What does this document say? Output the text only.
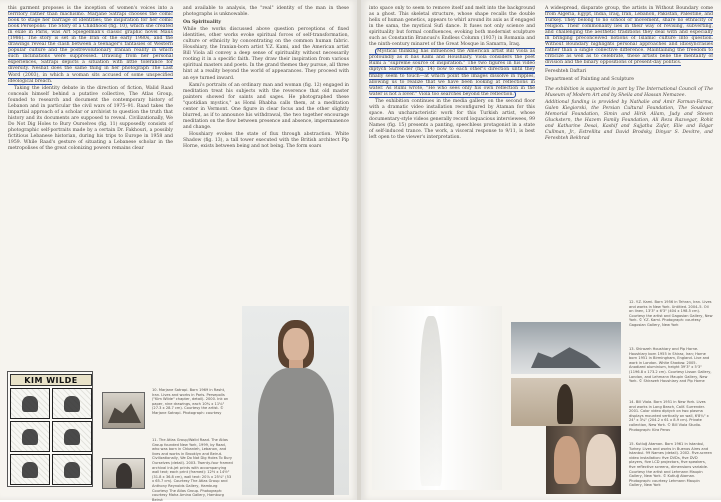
this garment proposes is the inception of women's voices into a territory rather than machismo. Marjane Satrapi chooses the comic book to stage her barrage of identities; the inspiration for her comic book Persepolis: The Story of a Childhood (fig. 10), which she created in exile in Paris, was Art Spiegelman's classic graphic novel Maus (1986). The story is set in the Iran of the early 1980s, and the drawings reveal the clash between a teenager's fantasies of Western popular culture and the postrevolutionary Iranian reality in which such inclinations were suppressed. Drawing from her personal experiences, Satrapi depicts a situation with little tolerance for diversity. Neshat does the same thing in her photograph The Last Word (2003), in which a woman sits accused of some unspecified ideological breach.

Taking the identity debate in the direction of fiction, Walid Raad conceals himself behind a putative collective, The Atlas Group, founded to research and document the contemporary history of Lebanon and in particular the civil wars of 1975–91. Raad takes the impartial approach of a scholar or archivist to question the truth that history and its documents are supposed to reveal. Civilizationally, We Do Not Dig Holes to Bury Ourselves (fig. 11) supposedly consists of photographic self-portraits made by a certain Dr. Fakhouri, a possibly fictitious Lebanese historian, during his trips to Europe in 1958 and 1959. While Raad's gesture of situating a Lebanese scholar in the metropolises of the great colonizing powers remains clear

and available to analysis, the "real" identity of the man in these photographs is unknowable.

On Spirituality

While the works discussed above question perceptions of fixed identities, other works evoke spiritual forces of self-transformation, culture or ethnicity by concentrating on the common human fabric. Houshiary, the Iranian-born artist Y.Z. Kami, and the American artist Bill Viola all convey a deep sense of spirituality without necessarily rooting it in a specific faith. They draw their inspiration from various spiritual masters and poets. In the grand themes they pursue, all three hint at a reality beyond the world of appearances. They proceed with an eye turned inward.

Kami's portraits of an ordinary man and woman (fig. 12) engaged in meditation treat his subjects with the reverence that old master painters showed for saints and sages. He photographed these "quotidian mystics," as Homi Bhabha calls them, at a meditation center in Vermont. One figure in clear focus and the other slightly blurred, as if to announce his withdrawal, the two together encourage meditation on the flow between presence and absence, impermanence and change.

Houshiary evokes the state of flux through abstraction. White Shadow (fig. 13), a tall tower executed with the British architect Pip Horne, exists between being and not being. The form soars

KIM WILDE
10. Marjane Satrapi. Born 1969 in Rasht, Iran. Lives and works in Paris. Persepolis ("Kim Wilde" chapter, detail). 2000. Ink on paper, nine drawings, each 10¾ x 11⅛" (27.3 x 28.7 cm). Courtesy the artist. © Marjane Satrapi. Photograph: courtesy
11. The Atlas Group/Walid Raad. The Atlas Group founded New York, 1999, by Raad, who was born in Chbanieh, Lebanon, and lives and works in Brooklyn and Beirut. Civilizationally, We Do Not Dig Holes To Bury Ourselves (detail). 2003. Twenty-four framed archival ink-jet prints with accompanying wall text; each print (framed): 12½ x 14½" (31.8 x 36.8 cm), wall text: 20⅞ x 25⅞" (53 x 65.7 cm). Courtesy The Atlas Group and Anthony Reynolds Gallery, Hamburg Courtesy The Atlas Group. Photograph: courtesy Maha Amina Gallery, Hamburg Beirut

into space only to seem to remove itself and melt into the background as a ghost. This skeletal structure, whose shape recalls the double helix of human genetics, appears to whirl around its axis as if engaged in the sama, the mystical Sufi dance. It fuses not only science and spirituality but formal confluences, evoking both modernist sculpture such as Constantin Brancusi's Endless Column (1937) in Romania and the ninth-century minaret of the Great Mosque in Samarra, Iraq.

Mystical thinking has influenced the American artist Bill Viola as profoundly as it has Kami and Houshiary. Viola considers the poet Rumi a "supreme source of inspiration." The two figures in his video diptych Surrender (fig. 14) bow to each other's direction until they finally seem to touch—at which point the images dissolve in ripples, allowing us to realize that we have been looking at reflections in water. As Rumi wrote, "He who sees only his own reflection in the water is not a lover." Viola too searches beyond the reflection.

The exhibition continues in the media gallery on the second floor with a dramatic video installation reconfigured by Ataman for this space. An uncharacteristic work for this Turkish artist, whose documentary-style videos generally record loquacious interviewees, 99 Names (fig. 15) presents a panting, speechless protagonist in a state of self-induced trance. The work, a visceral response to 9/11, is best left open to the viewer's interpretation.

A widespread, disparate group, the artists in Without Boundary come from Algeria, Egypt, India, Iraq, Iran, Lebanon, Pakistan, Palestine, and Turkey. They belong to no school or movement, share no ethnicity or religion. Their commonality lies in their way of revising, subverting, and challenging the aesthetic traditions they deal with and especially in bringing preconceived notions of Islamic culture into question. Without Boundary highlights personal approaches and idiosyncrasies rather than a single collective difference. Maintaining the freedom to criticize as well as to celebrate, these artists belie the mentality of division and the binary oppositions of present-day politics.

Fereshteh Daftari

Department of Painting and Sculpture

The exhibition is supported in part by The International Council of The Museum of Modern Art and by Sheila and Hassan Nemazee.

Additional funding is provided by Nathalie and Amir Farman-Farma, Galen Kiegiorski, the Persian Cultural Foundation, The Soudavar Memorial Foundation, Simin and Hirik Allam, Judy and Steven Gluckstern, the Hazem Family Foundation, Ali Reza Razvegar, Rohit and Katharine Desai, Kashif and Sajjatha Zafar, Elie and Edgar Cullman, Jr., Estrellita and David Brodsky, Dinyar S. Devitre, and Fereshteh Bekhrad

12. Y.Z. Kami. Born 1956 in Tehran, Iran. Lives and works in New York. Untitled. 2004–5. Oil on linen, 13'3" x 6'3" (404 x 198.5 cm). Courtesy the artist and Gagosian Gallery, New York. © Y.Z. Kami. Photograph: courtesy Gagosian Gallery, New York
13. Shirazeh Houshiary and Pip Horne. Houshiary born 1955 in Shiraz, Iran; Horne born 1951 in Birmingham, England. Live and work in London. White Shadow. 2005. Anodized aluminium, height 39'3" x 5'3" (1196.8 x 173.2 cm). Courtesy Lisson Gallery, London, and Lehmann Maupin Gallery, New York. © Shirazeh Houshiary and Pip Horne
14. Bill Viola. Born 1951 in New York. Lives and works in Long Beach, Calif. Surrender. 2001. Color video diptych on two plasma displays mounted vertically on wall, 6'8¾" x 24" x 3¼" (204.2 x 61 x 8.9 cm). Private collection, New York. © Bill Viola Studio. Photograph: Kira Perov
15. Kutluğ Ataman. Born 1961 in Istanbul, Turkey. Lives and works in Buenos Aires and Istanbul. 99 Names (detail). 2002. Five-screen video installation: five DVDs, five DVD players, five LCD projectors, five speakers, five reflective screens, dimensions variable. Courtesy the artist and Lehmann Maupin Gallery, New York. © Kutluğ Ataman. Photograph: courtesy Lehmann Maupin Gallery, New York
